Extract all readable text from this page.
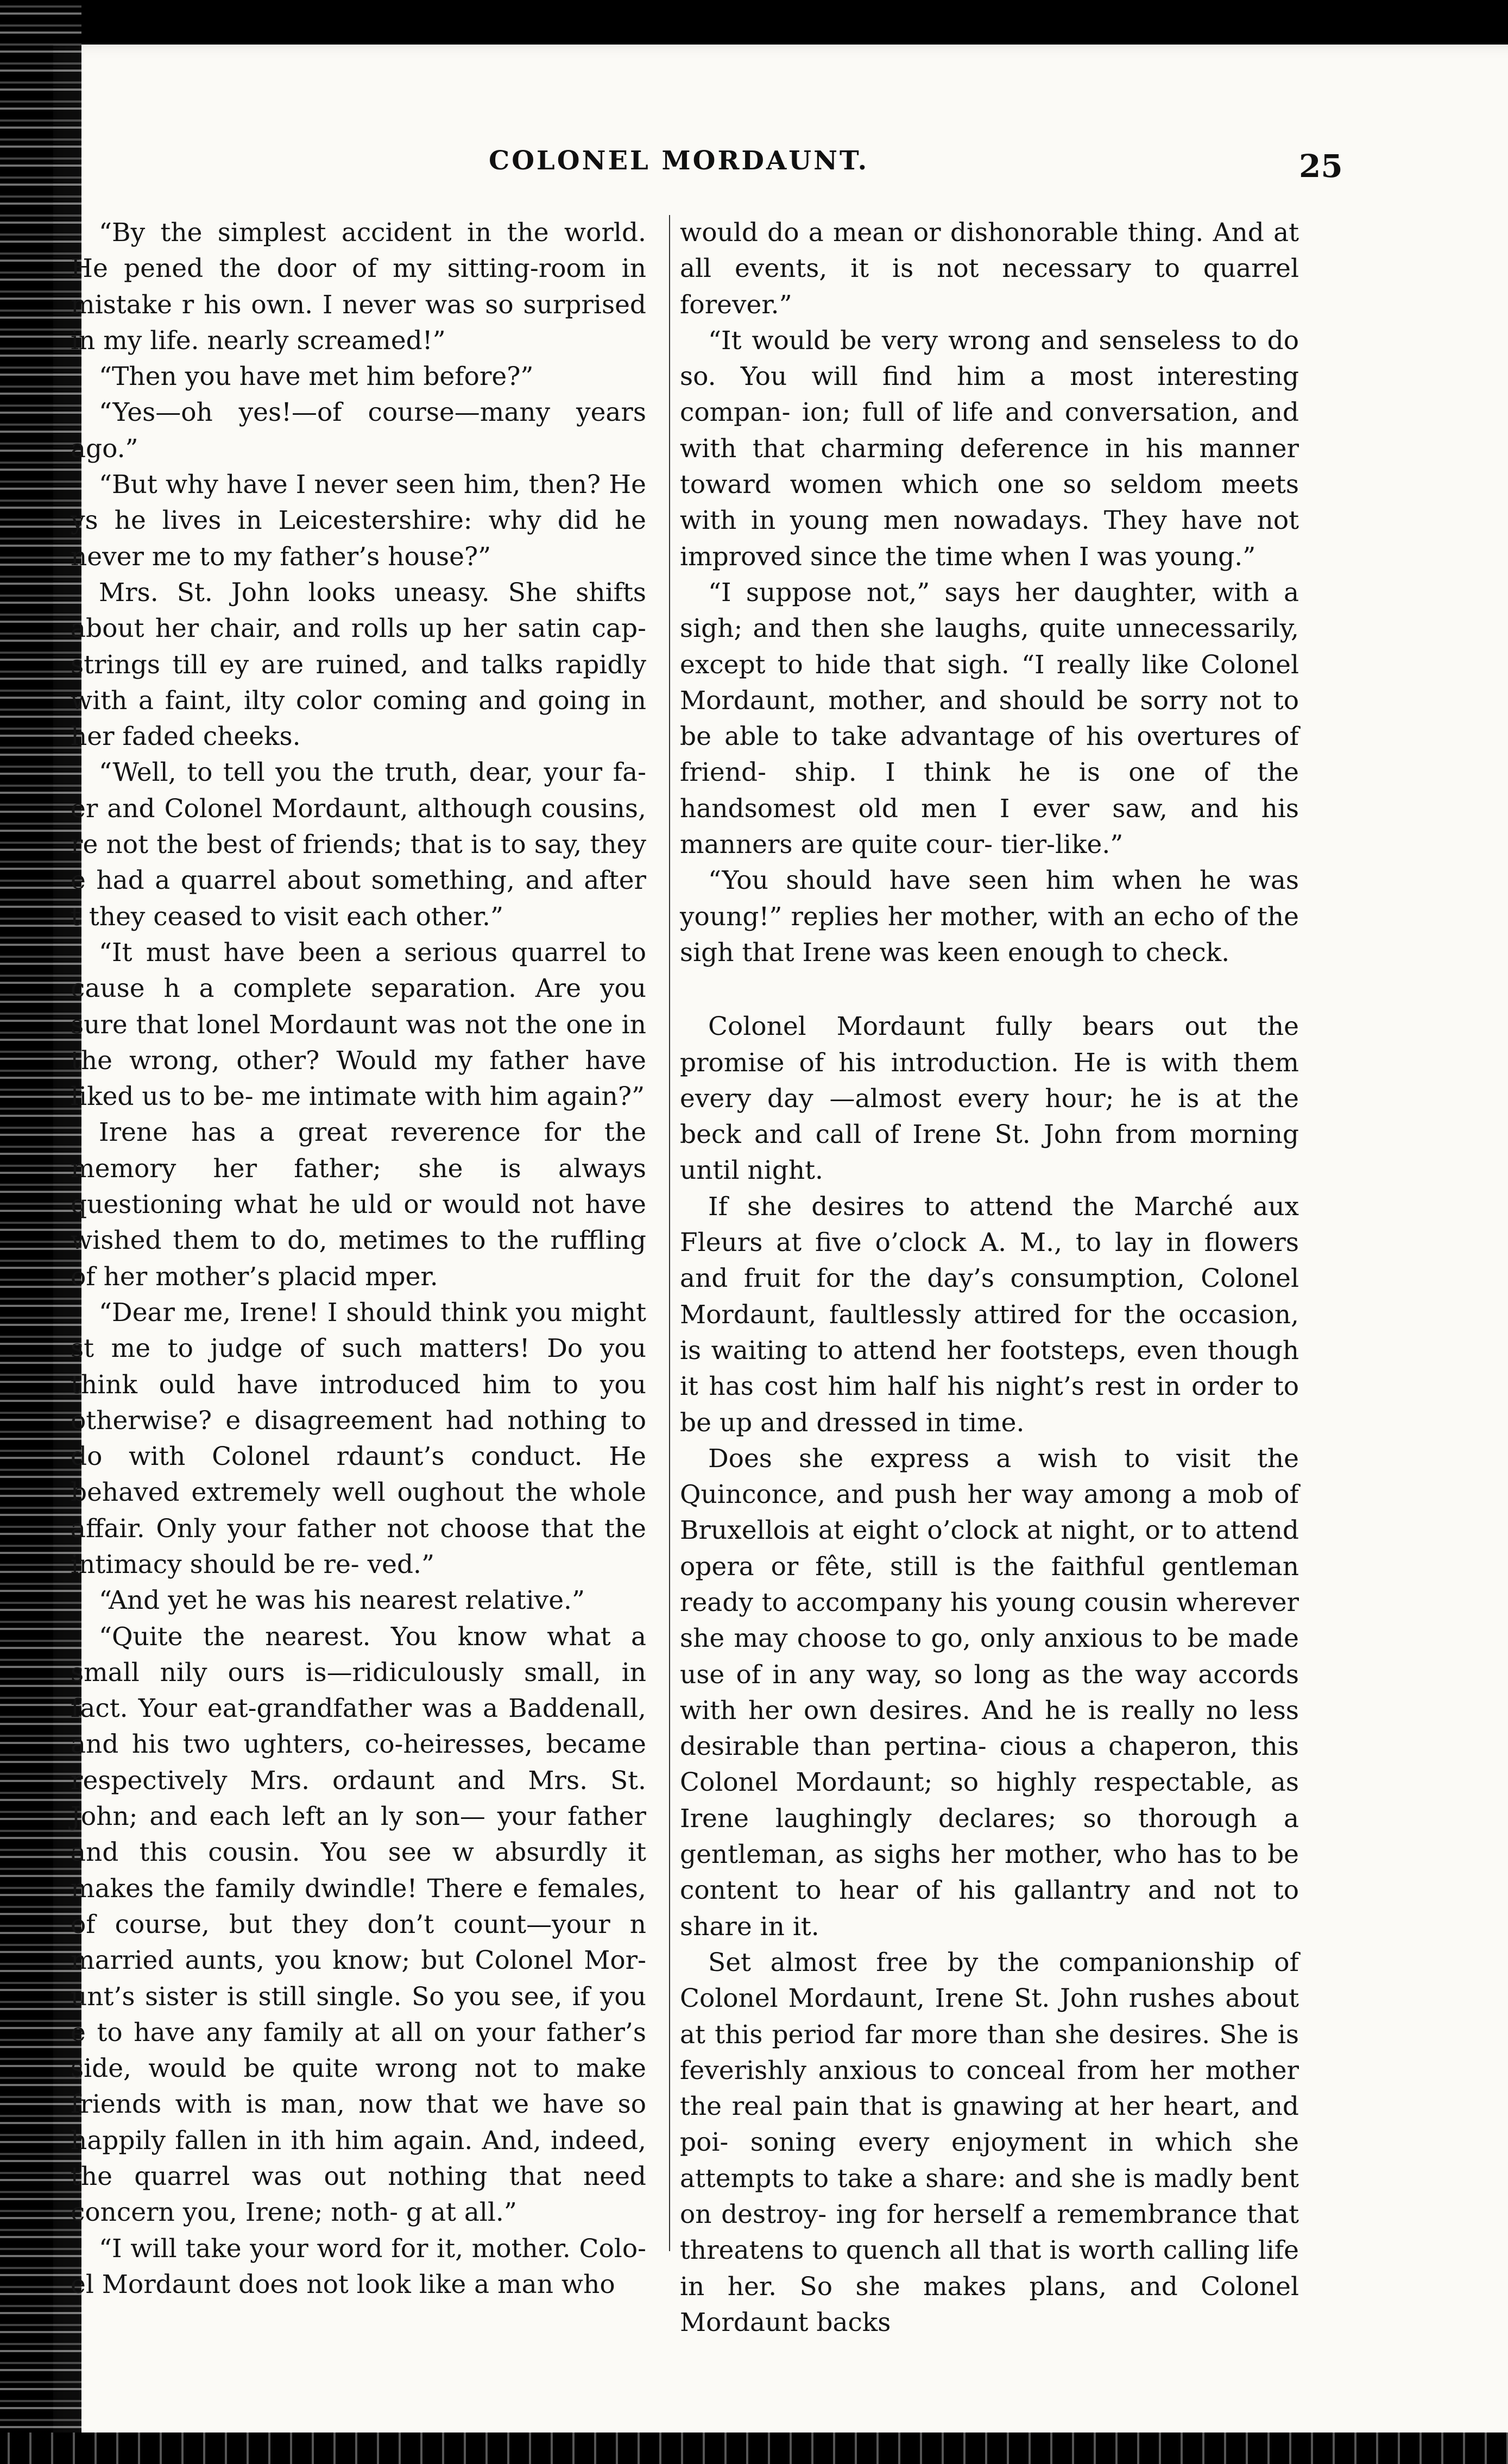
COLONEL MORDAUNT.	25

“By the simplest accident in the world. He pened the door of my sitting-room in mistake r his own. I never was so surprised in my life. nearly screamed!”

“Then you have met him before?”

“Yes—oh yes!—of course—many years ago.”

“But why have I never seen him, then? He ys he lives in Leicestershire: why did he never me to my father’s house?”

Mrs. St. John looks uneasy. She shifts about her chair, and rolls up her satin cap-strings till ey are ruined, and talks rapidly with a faint, ilty color coming and going in her faded cheeks.

“Well, to tell you the truth, dear, your fa- er and Colonel Mordaunt, although cousins, re not the best of friends; that is to say, they e had a quarrel about something, and after t they ceased to visit each other.”

“It must have been a serious quarrel to cause h a complete separation. Are you sure that lonel Mordaunt was not the one in the wrong, other? Would my father have liked us to be- me intimate with him again?”

Irene has a great reverence for the memory her father; she is always questioning what he uld or would not have wished them to do, metimes to the ruffling of her mother’s placid mper.

“Dear me, Irene! I should think you might st me to judge of such matters! Do you think ould have introduced him to you otherwise? e disagreement had nothing to do with Colonel rdaunt’s conduct. He behaved extremely well oughout the whole affair. Only your father not choose that the intimacy should be re- ved.”

“And yet he was his nearest relative.”

“Quite the nearest. You know what a small nily ours is—ridiculously small, in fact. Your eat-grandfather was a Baddenall, and his two ughters, co-heiresses, became respectively Mrs. ordaunt and Mrs. St. John; and each left an ly son— your father and this cousin. You see w absurdly it makes the family dwindle! There e females, of course, but they don’t count—your n married aunts, you know; but Colonel Mor- unt’s sister is still single. So you see, if you e to have any family at all on your father’s side, would be quite wrong not to make friends with is man, now that we have so happily fallen in ith him again. And, indeed, the quarrel was out nothing that need concern you, Irene; noth- g at all.”

“I will take your word for it, mother. Colo- el Mordaunt does not look like a man who

would do a mean or dishonorable thing. And at all events, it is not necessary to quarrel forever.”

“It would be very wrong and senseless to do so. You will find him a most interesting compan- ion; full of life and conversation, and with that charming deference in his manner toward women which one so seldom meets with in young men nowadays. They have not improved since the time when I was young.”

“I suppose not,” says her daughter, with a sigh; and then she laughs, quite unnecessarily, except to hide that sigh. “I really like Colonel Mordaunt, mother, and should be sorry not to be able to take advantage of his overtures of friend- ship. I think he is one of the handsomest old men I ever saw, and his manners are quite cour- tier-like.”

“You should have seen him when he was young!” replies her mother, with an echo of the sigh that Irene was keen enough to check.

Colonel Mordaunt fully bears out the promise of his introduction. He is with them every day —almost every hour; he is at the beck and call of Irene St. John from morning until night.

If she desires to attend the Marché aux Fleurs at five o’clock A. M., to lay in flowers and fruit for the day’s consumption, Colonel Mordaunt, faultlessly attired for the occasion, is waiting to attend her footsteps, even though it has cost him half his night’s rest in order to be up and dressed in time.

Does she express a wish to visit the Quinconce, and push her way among a mob of Bruxellois at eight o’clock at night, or to attend opera or fête, still is the faithful gentleman ready to accompany his young cousin wherever she may choose to go, only anxious to be made use of in any way, so long as the way accords with her own desires. And he is really no less desirable than pertina- cious a chaperon, this Colonel Mordaunt; so highly respectable, as Irene laughingly declares; so thorough a gentleman, as sighs her mother, who has to be content to hear of his gallantry and not to share in it.

Set almost free by the companionship of Colonel Mordaunt, Irene St. John rushes about at this period far more than she desires. She is feverishly anxious to conceal from her mother the real pain that is gnawing at her heart, and poi- soning every enjoyment in which she attempts to take a share: and she is madly bent on destroy- ing for herself a remembrance that threatens to quench all that is worth calling life in her. So she makes plans, and Colonel Mordaunt backs
